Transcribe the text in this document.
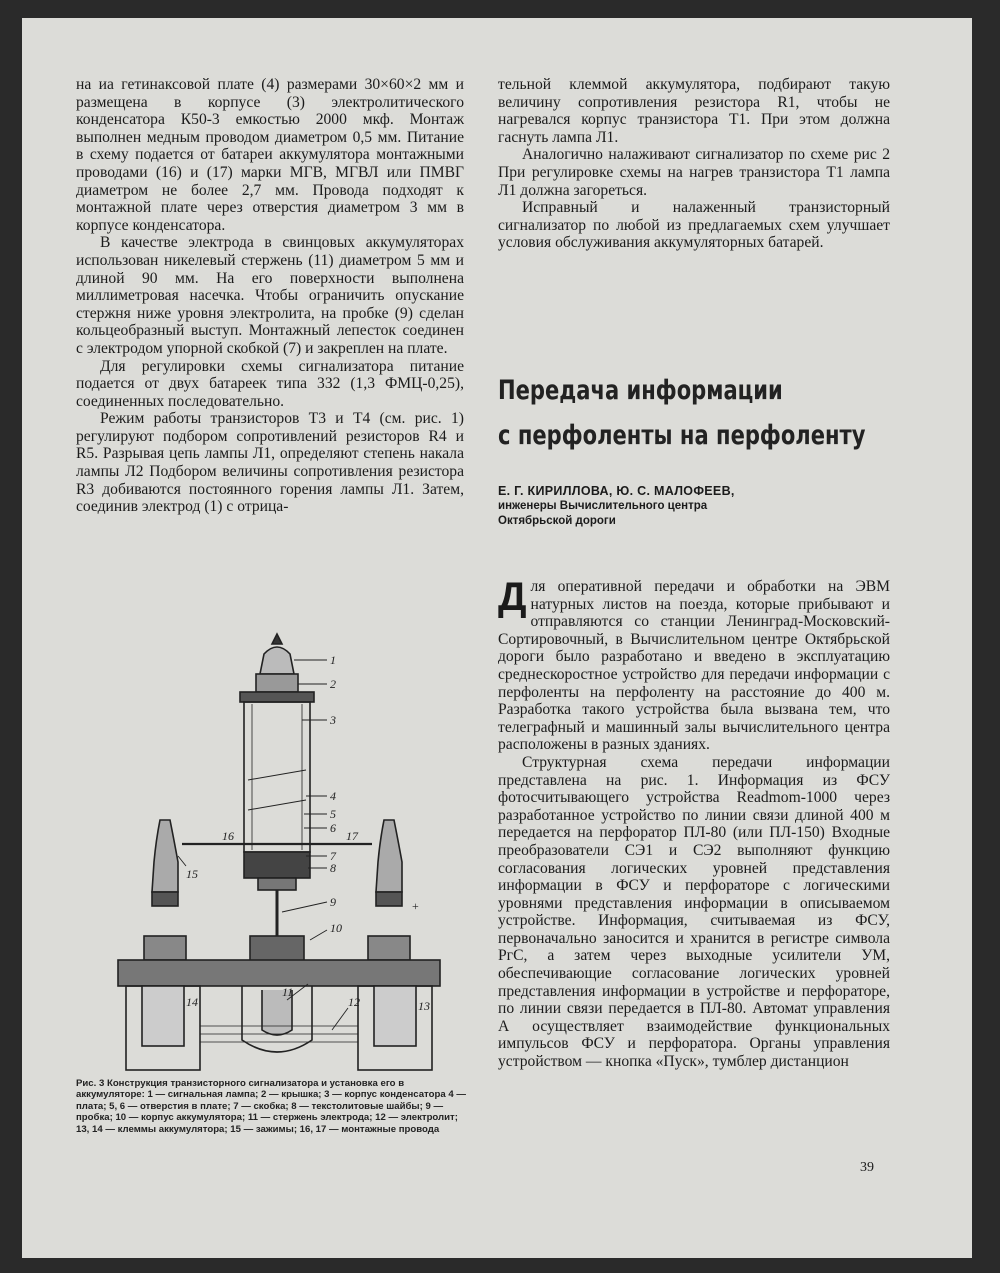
на иа гетинаксовой плате (4) размерами 30×60×2 мм и размещена в корпусе (3) электролитического конденсатора К50-3 емкостью 2000 мкф. Монтаж выполнен медным проводом диаметром 0,5 мм. Питание в схему подается от батареи аккумулятора монтажными проводами (16) и (17) марки МГВ, МГВЛ или ПМВГ диаметром не более 2,7 мм. Провода подходят к монтажной плате через отверстия диаметром 3 мм в корпусе конденсатора.

В качестве электрода в свинцовых аккумуляторах использован никелевый стержень (11) диаметром 5 мм и длиной 90 мм. На его поверхности выполнена миллиметровая насечка. Чтобы ограничить опускание стержня ниже уровня электролита, на пробке (9) сделан кольцеобразный выступ. Монтажный лепесток соединен с электродом упорной скобкой (7) и закреплен на плате.

Для регулировки схемы сигнализатора питание подается от двух батареек типа 332 (1,3 ФМЦ-0,25), соединенных последовательно.

Режим работы транзисторов Т3 и Т4 (см. рис. 1) регулируют подбором сопротивлений резисторов R4 и R5. Разрывая цепь лампы Л1, определяют степень накала лампы Л2 Подбором величины сопротивления резистора R3 добиваются постоянного горения лампы Л1. Затем, соединив электрод (1) с отрица-

тельной клеммой аккумулятора, подбирают такую величину сопротивления резистора R1, чтобы не нагревался корпус транзистора Т1. При этом должна гаснуть лампа Л1.

Аналогично налаживают сигнализатор по схеме рис 2 При регулировке схемы на нагрев транзистора Т1 лампа Л1 должна загореться.

Исправный и налаженный транзисторный сигнализатор по любой из предлагаемых схем улучшает условия обслуживания аккумуляторных батарей.

Передача информации
с перфоленты на перфоленту
Е. Г. КИРИЛЛОВА, Ю. С. МАЛОФЕЕВ,
инженеры Вычислительного центра
Октябрьской дороги

Для оперативной передачи и обработки на ЭВМ натурных листов на поезда, которые прибывают и отправляются со станции Ленинград-Московский-Сортировочный, в Вычислительном центре Октябрьской дороги было разработано и введено в эксплуатацию среднескоростное устройство для передачи информации с перфоленты на перфоленту на расстояние до 400 м. Разработка такого устройства была вызвана тем, что телеграфный и машинный залы вычислительного центра расположены в разных зданиях.

Структурная схема передачи информации представлена на рис. 1. Информация из ФСУ фотосчитывающего устройства Readmom-1000 через разработанное устройство по линии связи длиной 400 м передается на перфоратор ПЛ-80 (или ПЛ-150) Входные преобразователи СЭ1 и СЭ2 выполняют функцию согласования логических уровней представления информации в ФСУ и перфораторе с логическими уровнями представления информации в описываемом устройстве. Информация, считываемая из ФСУ, первоначально заносится и хранится в регистре символа РгС, а затем через выходные усилители УМ, обеспечивающие согласование логических уровней представления информации в устройстве и перфораторе, по линии связи передается в ПЛ-80. Автомат управления А осуществляет взаимодействие функциональных импульсов ФСУ и перфоратора. Органы управления устройством — кнопка «Пуск», тумблер дистанцион

1
2
3
4
5
6
7
8
9
10
11
12	13
14
15
16	17
+
Рис. 3 Конструкция транзисторного сигнализатора и установка его в аккумуляторе: 1 — сигнальная лампа; 2 — крышка; 3 — корпус конденсатора 4 — плата; 5, 6 — отверстия в плате; 7 — скобка; 8 — текстолитовые шайбы; 9 — пробка; 10 — корпус аккумулятора; 11 — стержень электрода; 12 — электролит; 13, 14 — клеммы аккумулятора; 15 — зажимы; 16, 17 — монтажные провода
39
